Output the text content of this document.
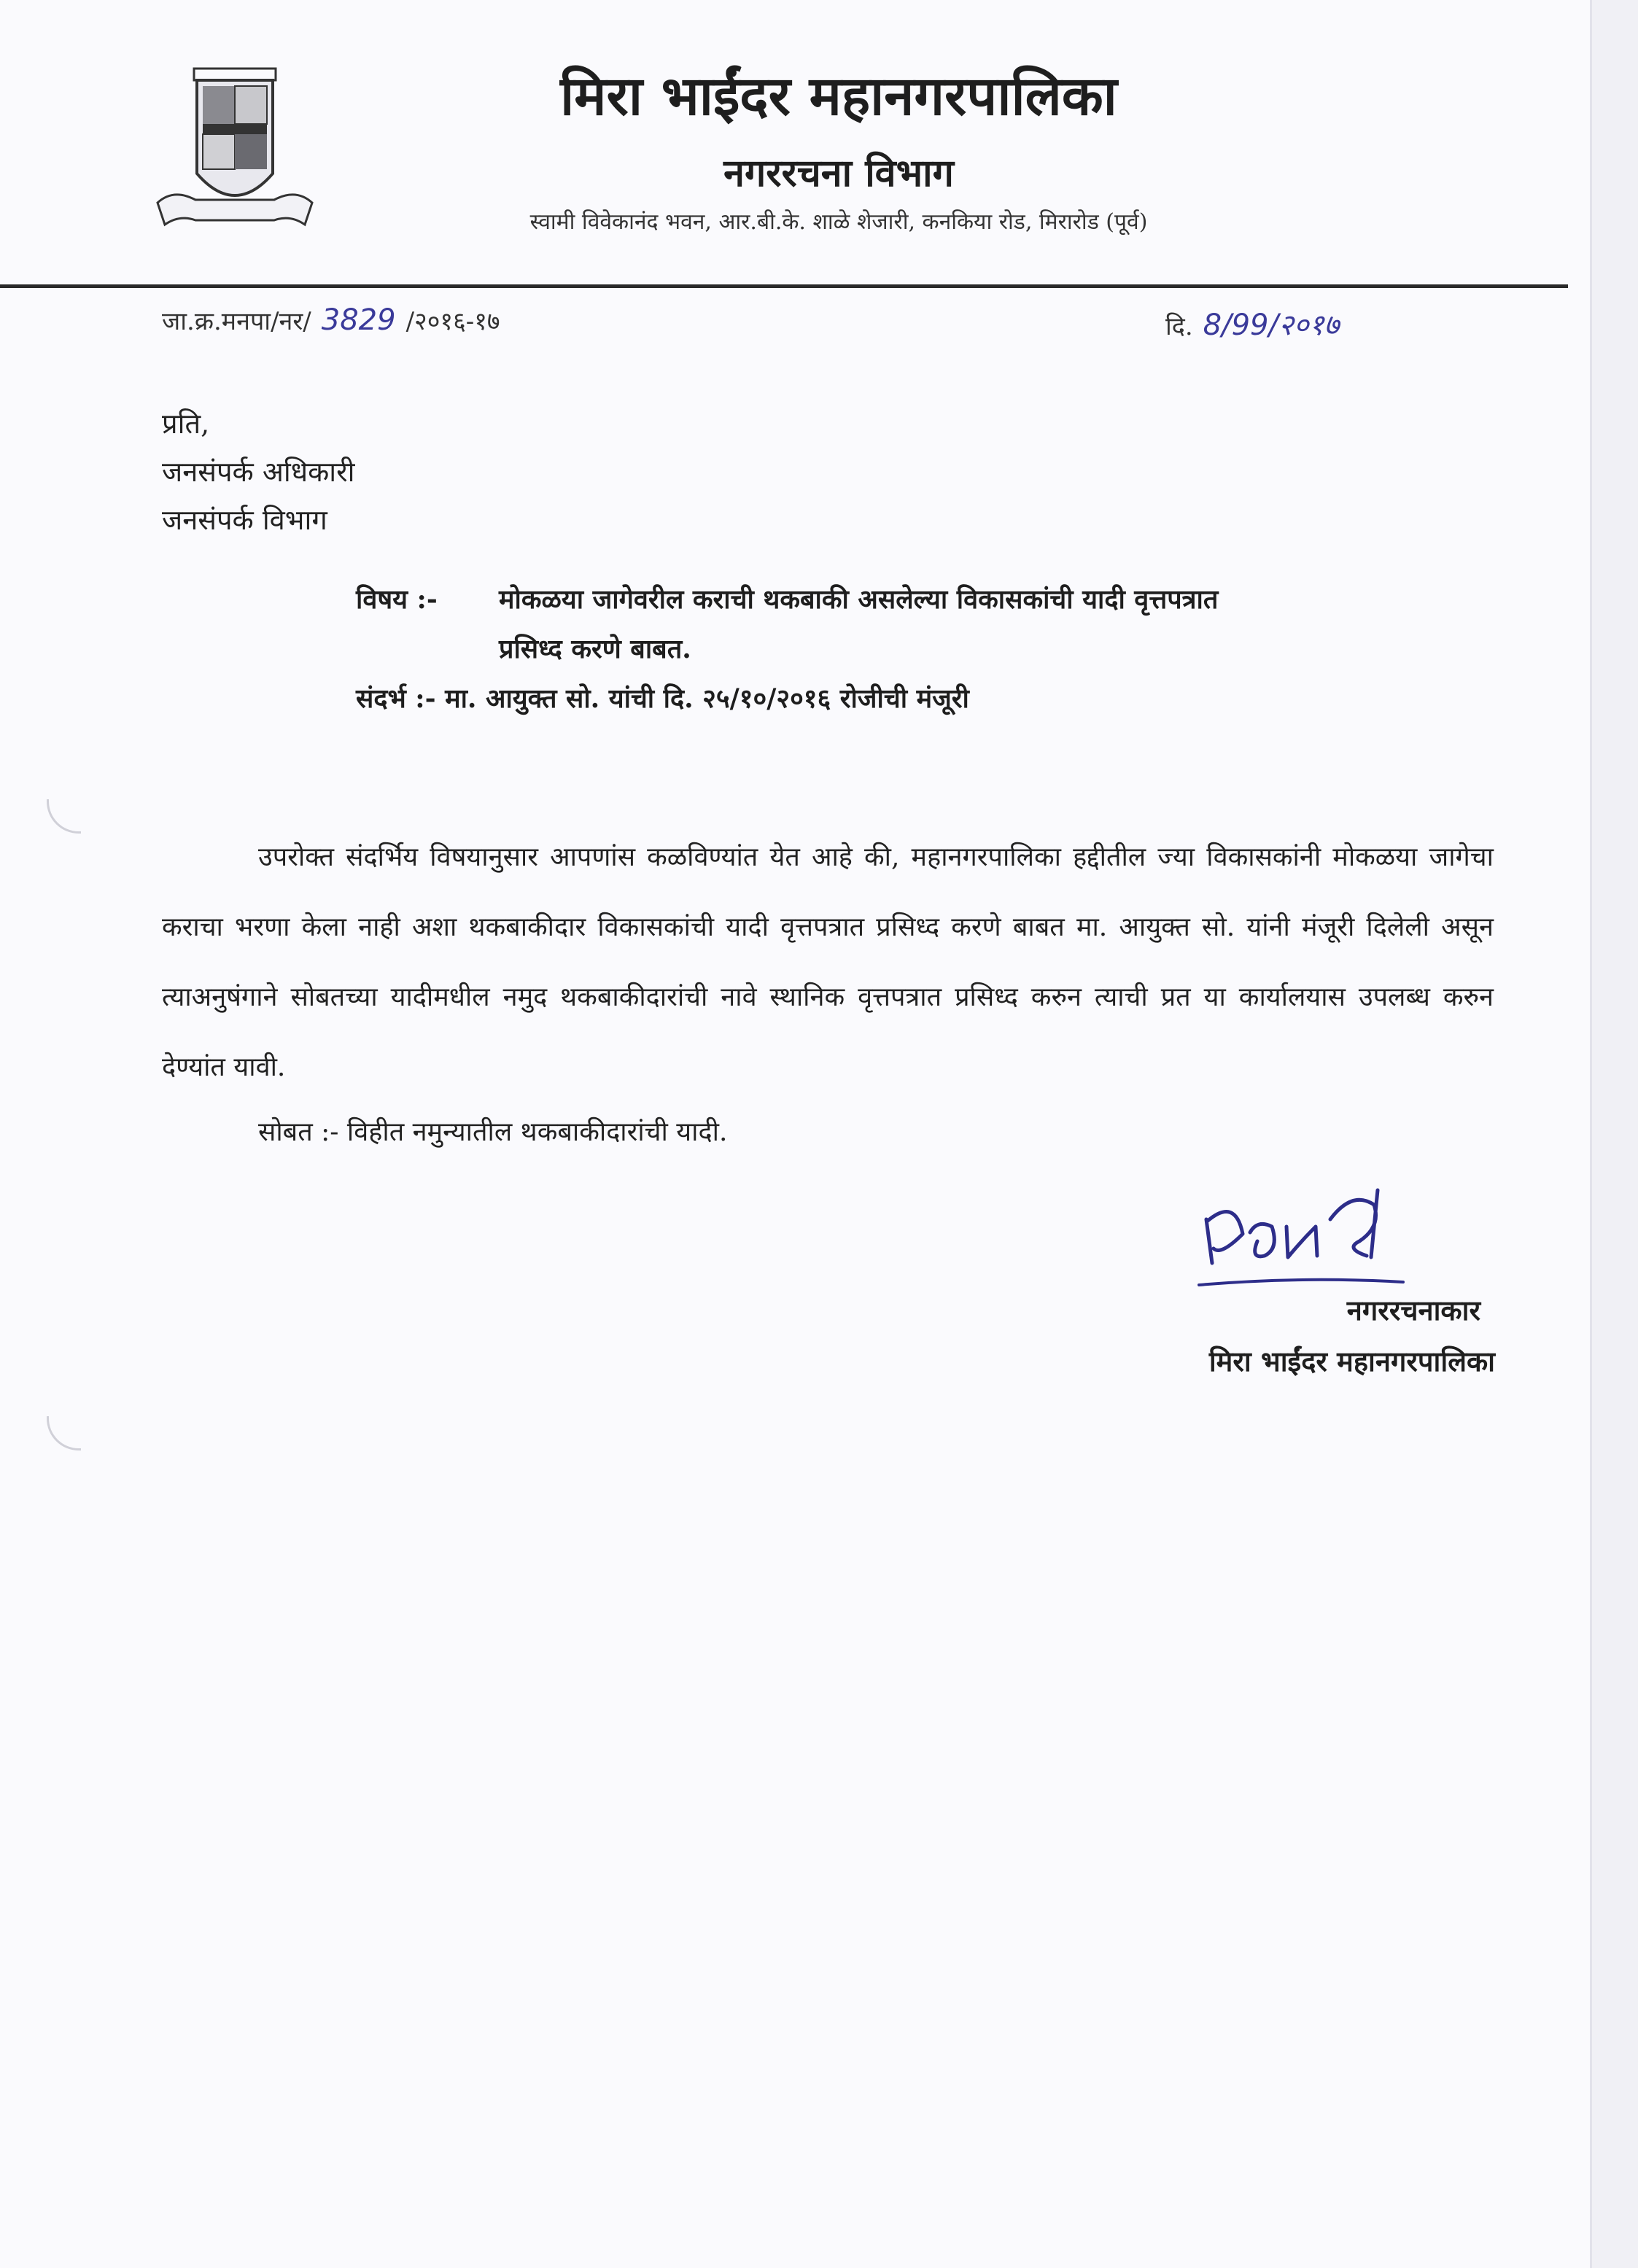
मिरा भाईंदर महानगरपालिका
नगररचना विभाग
स्वामी विवेकानंद भवन, आर.बी.के. शाळे शेजारी, कनकिया रोड, मिरारोड (पूर्व)
जा.क्र.मनपा/नर/ 3829 /२०१६-१७	दि. 8/99/२०१७
प्रति,
जनसंपर्क अधिकारी
जनसंपर्क विभाग
विषय :- मोकळया जागेवरील कराची थकबाकी असलेल्या विकासकांची यादी वृत्तपत्रात
प्रसिध्द करणे बाबत.
संदर्भ :- मा. आयुक्त सो. यांची दि. २५/१०/२०१६ रोजीची मंजूरी
उपरोक्त संदर्भिय विषयानुसार आपणांस कळविण्यांत येत आहे की, महानगरपालिका हद्दीतील ज्या विकासकांनी मोकळया जागेचा कराचा भरणा केला नाही अशा थकबाकीदार विकासकांची यादी वृत्तपत्रात प्रसिध्द करणे बाबत मा. आयुक्त सो. यांनी मंजूरी दिलेली असून त्याअनुषंगाने सोबतच्या यादीमधील नमुद थकबाकीदारांची नावे स्थानिक वृत्तपत्रात प्रसिध्द करुन त्याची प्रत या कार्यालयास उपलब्ध करुन देण्यांत यावी.
सोबत :- विहीत नमुन्यातील थकबाकीदारांची यादी.
नगररचनाकार
मिरा भाईंदर महानगरपालिका
